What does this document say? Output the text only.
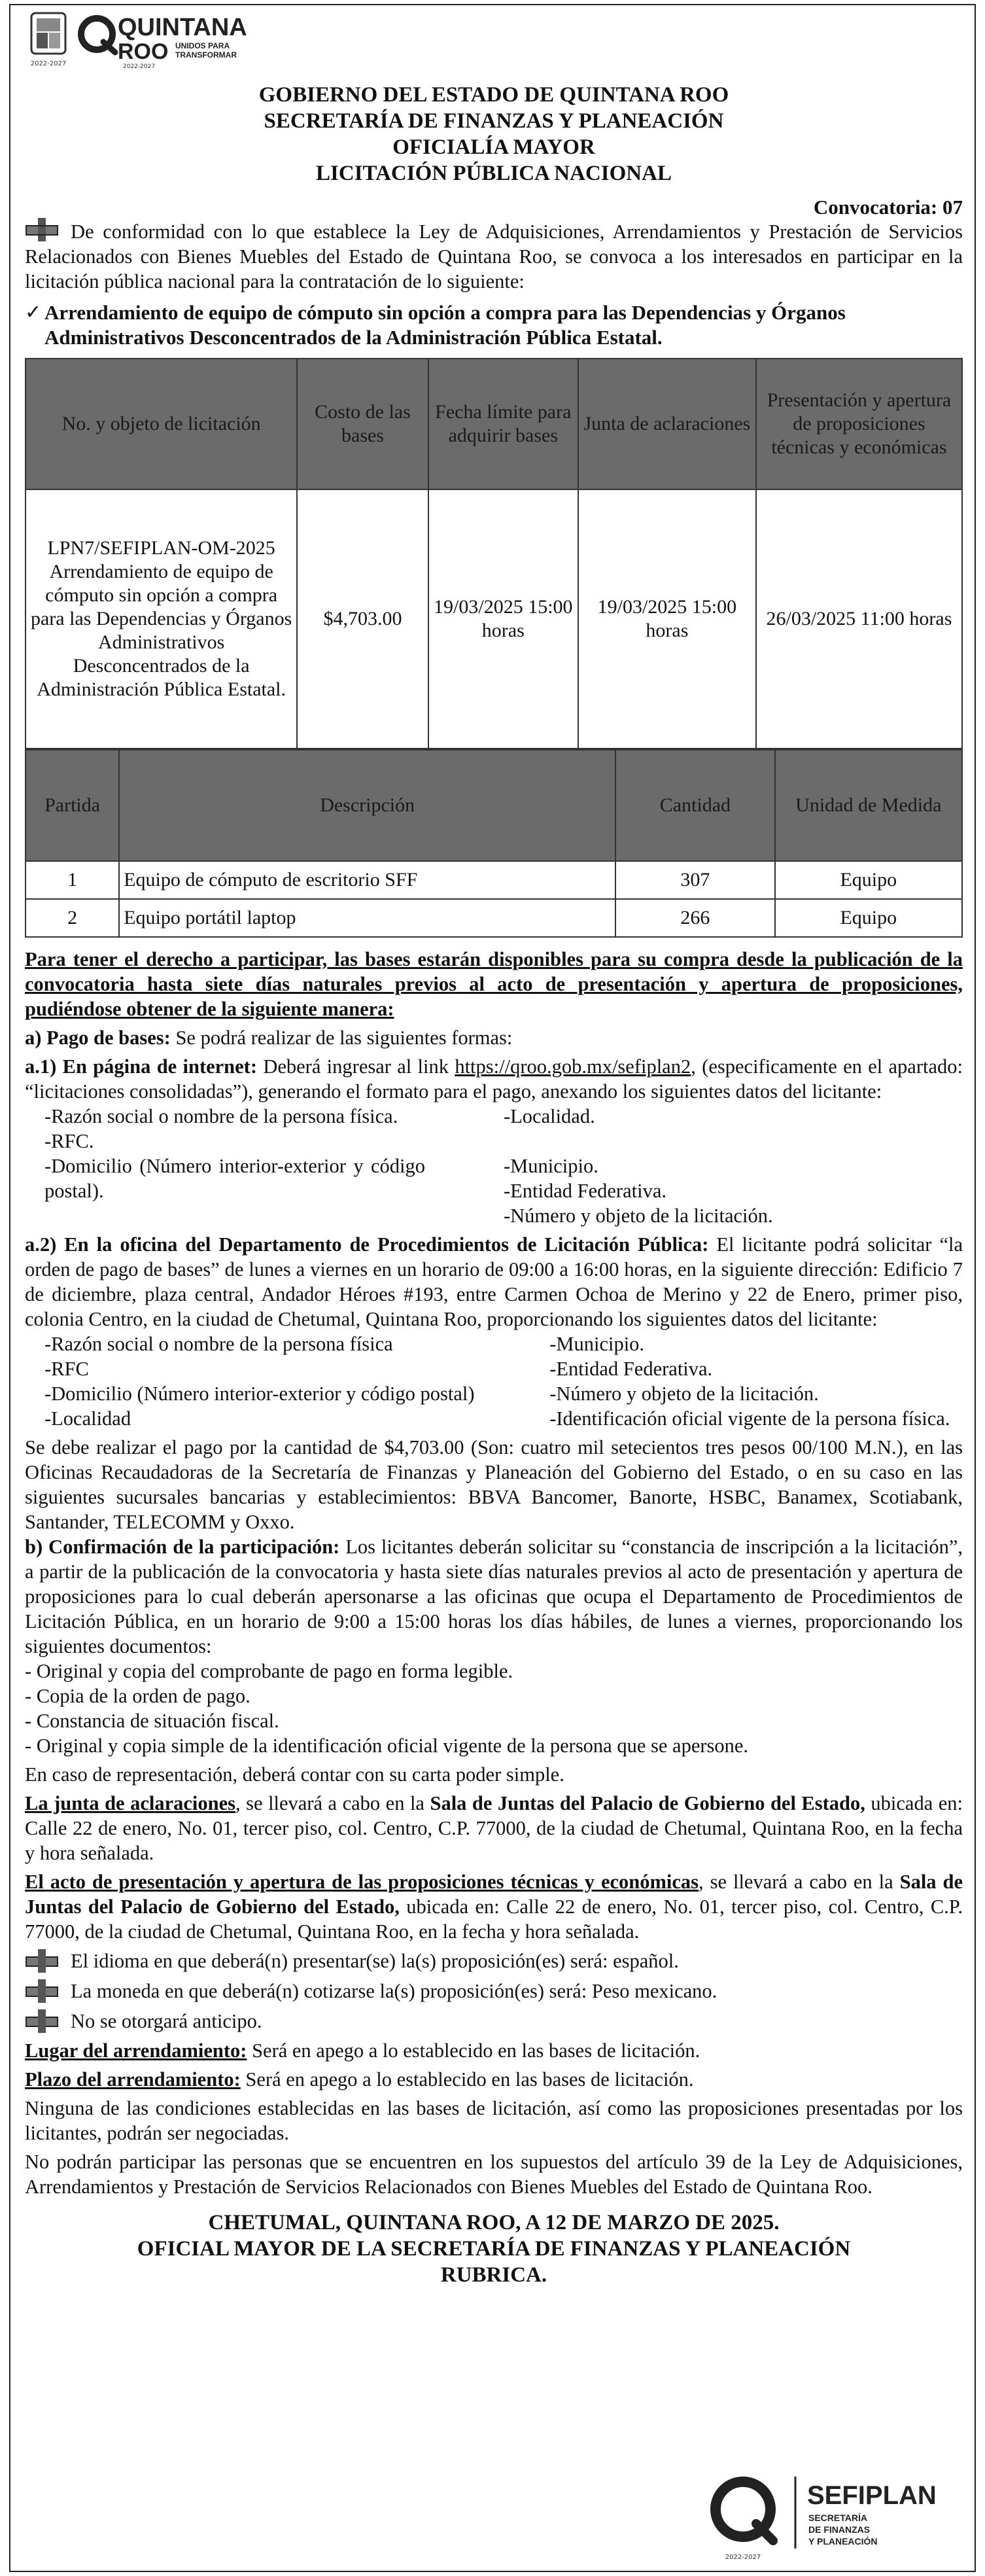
2022-2027
QUINTANA
ROO UNIDOS PARA
TRANSFORMAR
2022-2027
GOBIERNO DEL ESTADO DE QUINTANA ROO
SECRETARÍA DE FINANZAS Y PLANEACIÓN
OFICIALÍA MAYOR
LICITACIÓN PÚBLICA NACIONAL
Convocatoria: 07

De conformidad con lo que establece la Ley de Adquisiciones, Arrendamientos y Prestación de Servicios Relacionados con Bienes Muebles del Estado de Quintana Roo, se convoca a los interesados en participar en la licitación pública nacional para la contratación de lo siguiente:

✓ Arrendamiento de equipo de cómputo sin opción a compra para las Dependencias y Órganos Administrativos Desconcentrados de la Administración Pública Estatal.
No. y objeto de licitación	Costo de las bases	Fecha límite para adquirir bases	Junta de aclaraciones	Presentación y apertura de proposiciones técnicas y económicas
LPN7/SEFIPLAN-OM-2025 Arrendamiento de equipo de cómputo sin opción a compra para las Dependencias y Órganos Administrativos Desconcentrados de la Administración Pública Estatal.	$4,703.00	19/03/2025 15:00 horas	19/03/2025 15:00 horas	26/03/2025 11:00 horas
Partida	Descripción	Cantidad	Unidad de Medida
1	Equipo de cómputo de escritorio SFF	307	Equipo
2	Equipo portátil laptop	266	Equipo

Para tener el derecho a participar, las bases estarán disponibles para su compra desde la publicación de la convocatoria hasta siete días naturales previos al acto de presentación y apertura de proposiciones, pudiéndose obtener de la siguiente manera:

a) Pago de bases: Se podrá realizar de las siguientes formas:

a.1) En página de internet: Deberá ingresar al link https://qroo.gob.mx/sefiplan2, (especificamente en el apartado: “licitaciones consolidadas”), generando el formato para el pago, anexando los siguientes datos del licitante:

-Razón social o nombre de la persona física.
-RFC.
-Domicilio (Número interior-exterior y código postal).
-Localidad.
-Municipio.
-Entidad Federativa.
-Número y objeto de la licitación.

a.2) En la oficina del Departamento de Procedimientos de Licitación Pública: El licitante podrá solicitar “la orden de pago de bases” de lunes a viernes en un horario de 09:00 a 16:00 horas, en la siguiente dirección: Edificio 7 de diciembre, plaza central, Andador Héroes #193, entre Carmen Ochoa de Merino y 22 de Enero, primer piso, colonia Centro, en la ciudad de Chetumal, Quintana Roo, proporcionando los siguientes datos del licitante:

-Razón social o nombre de la persona física
-RFC
-Domicilio (Número interior-exterior y código postal)
-Localidad
-Municipio.
-Entidad Federativa.
-Número y objeto de la licitación.
-Identificación oficial vigente de la persona física.

Se debe realizar el pago por la cantidad de $4,703.00 (Son: cuatro mil setecientos tres pesos 00/100 M.N.), en las Oficinas Recaudadoras de la Secretaría de Finanzas y Planeación del Gobierno del Estado, o en su caso en las siguientes sucursales bancarias y establecimientos: BBVA Bancomer, Banorte, HSBC, Banamex, Scotiabank, Santander, TELECOMM y Oxxo.

b) Confirmación de la participación: Los licitantes deberán solicitar su “constancia de inscripción a la licitación”, a partir de la publicación de la convocatoria y hasta siete días naturales previos al acto de presentación y apertura de proposiciones para lo cual deberán apersonarse a las oficinas que ocupa el Departamento de Procedimientos de Licitación Pública, en un horario de 9:00 a 15:00 horas los días hábiles, de lunes a viernes, proporcionando los siguientes documentos:

- Original y copia del comprobante de pago en forma legible.
- Copia de la orden de pago.
- Constancia de situación fiscal.
- Original y copia simple de la identificación oficial vigente de la persona que se apersone.

En caso de representación, deberá contar con su carta poder simple.

La junta de aclaraciones, se llevará a cabo en la Sala de Juntas del Palacio de Gobierno del Estado, ubicada en: Calle 22 de enero, No. 01, tercer piso, col. Centro, C.P. 77000, de la ciudad de Chetumal, Quintana Roo, en la fecha y hora señalada.

El acto de presentación y apertura de las proposiciones técnicas y económicas, se llevará a cabo en la Sala de Juntas del Palacio de Gobierno del Estado, ubicada en: Calle 22 de enero, No. 01, tercer piso, col. Centro, C.P. 77000, de la ciudad de Chetumal, Quintana Roo, en la fecha y hora señalada.

El idioma en que deberá(n) presentar(se) la(s) proposición(es) será: español.
La moneda en que deberá(n) cotizarse la(s) proposición(es) será: Peso mexicano.
No se otorgará anticipo.

Lugar del arrendamiento: Será en apego a lo establecido en las bases de licitación.

Plazo del arrendamiento: Será en apego a lo establecido en las bases de licitación.

Ninguna de las condiciones establecidas en las bases de licitación, así como las proposiciones presentadas por los licitantes, podrán ser negociadas.

No podrán participar las personas que se encuentren en los supuestos del artículo 39 de la Ley de Adquisiciones, Arrendamientos y Prestación de Servicios Relacionados con Bienes Muebles del Estado de Quintana Roo.

CHETUMAL, QUINTANA ROO, A 12 DE MARZO DE 2025.
OFICIAL MAYOR DE LA SECRETARÍA DE FINANZAS Y PLANEACIÓN
RUBRICA.
2022-2027
SEFIPLAN
SECRETARÍA
DE FINANZAS
Y PLANEACIÓN
